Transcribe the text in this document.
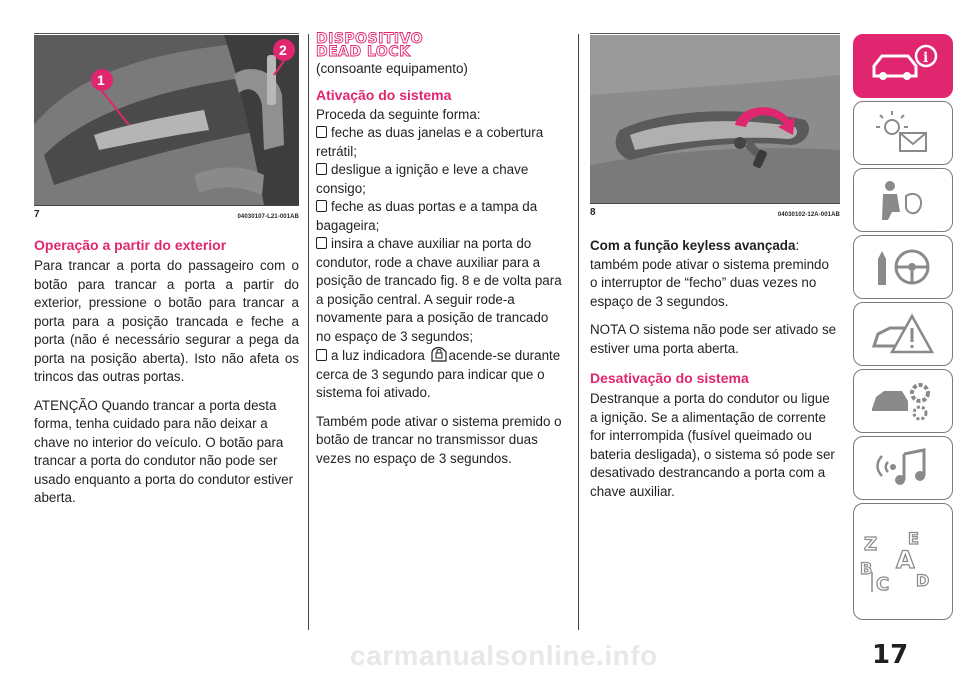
1
2
7	04030107-L21-001AB

Operação a partir do exterior

Para trancar a porta do passageiro com o botão para trancar a porta a partir do exterior, pressione o botão para trancar a porta para a posição trancada e feche a porta (não é necessário segurar a pega da porta na posição aberta). Isto não afeta os trincos das outras portas.

ATENÇÃO Quando trancar a porta desta forma, tenha cuidado para não deixar a chave no interior do veículo. O botão para trancar a porta do condutor não pode ser usado enquanto a porta do condutor estiver aberta.

DISPOSITIVO
DEAD LOCK

(consoante equipamento)

Ativação do sistema

Proceda da seguinte forma:

feche as duas janelas e a cobertura retrátil;

desligue a ignição e leve a chave consigo;

feche as duas portas e a tampa da bagageira;

insira a chave auxiliar na porta do condutor, rode a chave auxiliar para a posição de trancado fig. 8 e de volta para a posição central. A seguir rode-a novamente para a posição de trancado no espaço de 3 segundos;

a luz indicadora acende-se durante cerca de 3 segundo para indicar que o sistema foi ativado.

Também pode ativar o sistema premido o botão de trancar no transmissor duas vezes no espaço de 3 segundos.

8	04030102-12A-001AB

Com a função keyless avançada: também pode ativar o sistema premindo o interruptor de “fecho” duas vezes no espaço de 3 segundos.

NOTA O sistema não pode ser ativado se estiver uma porta aberta.

Desativação do sistema

Destranque a porta do condutor ou ligue a ignição. Se a alimentação de corrente for interrompida (fusível queimado ou bateria desligada), o sistema só pode ser desativado destrancando a porta com a chave auxiliar.

i
Z E
B A
C D
carmanualsonline.info	17
